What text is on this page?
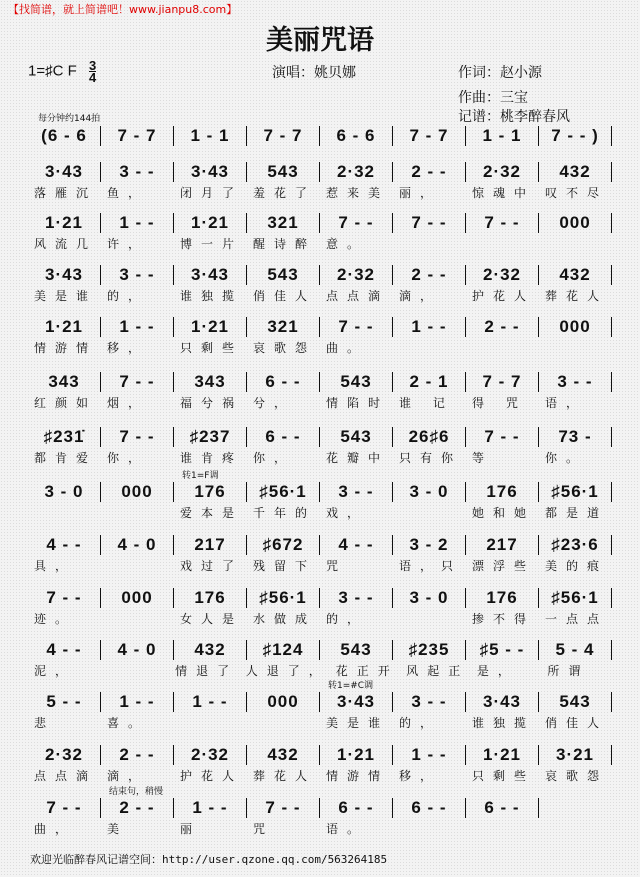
【找简谱，就上简谱吧！www.jianpu8.com】
美丽咒语
1=♯C F $\frac{3}{4}$	演唱：姚贝娜	作词：赵小源
作曲：三宝
记谱：桃李醉春风
每分钟约144拍
(6 - 6	7 - 7	1 - 1	7 - 7	6 - 6	7 - 7	1 - 1	7 - - )
3·43	3 - -	3·43	543	2·32	2 - -	2·32	432
落雁沉 鱼，	闭月了 羞花了 惹来美 丽，	惊魂中 叹不尽
1·21	1 - -	1·21	321	7 - -	7 - -	7 - -	000
风流几 许，	博一片 醒诗醉 意。
3·43	3 - -	3·43	543	2·32	2 - -	2·32	432
美是谁 的，	谁独揽 俏佳人 点点滴 滴，	护花人 葬花人
1·21	1 - -	1·21	321	7 - -	1 - -	2 - -	000
情游情 移，	只剩些 哀歌怨 曲。
343	7 - -	343	6 - -	543	2 - 1	7 - 7	3 - -
红颜如 烟，	福兮祸 兮，	情陷时 谁 记	得 咒	语，
♯231̇	7 - -	♯237	6 - -	543	26♯6	7 - -	73 -
都肯爱 你，	谁肯疼 你，	花瓣中 只有你 等	你。
转1=F调
3 - 0	000	176	♯56·1	3 - -	3 - 0	176	♯56·1
爱本是 千年的 戏，	她和她 都是道
4 - -	4 - 0	217	♯672	4 - -	3 - 2	217	♯23·6
具，	戏过了 残留下 咒	语，只 漂浮些 美的痕
7 - -	000	176	♯56·1	3 - -	3 - 0	176	♯56·1
迹。	女人是 水做成 的，	掺不得 一点点
4 - -	4 - 0	432	♯124	543	♯235	♯5 - -	5 - 4
泥，	情退了 人退了， 花正开 风起正 是，	所谓
转1=#C调
5 - -	1 - -	1 - -	000	3·43	3 - -	3·43	543
悲	喜。	美是谁 的，	谁独揽 俏佳人
2·32	2 - -	2·32	432	1·21	1 - -	1·21	3·21
点点滴 滴，	护花人 葬花人 情游情 移，	只剩些 哀歌怨
结束句，稍慢
7 - -	2 - -	1 - -	7 - -	6 - -	6 - -	6 - -
曲，	美	丽	咒	语。
欢迎光临醉春风记谱空间：http://user.qzone.qq.com/563264185
